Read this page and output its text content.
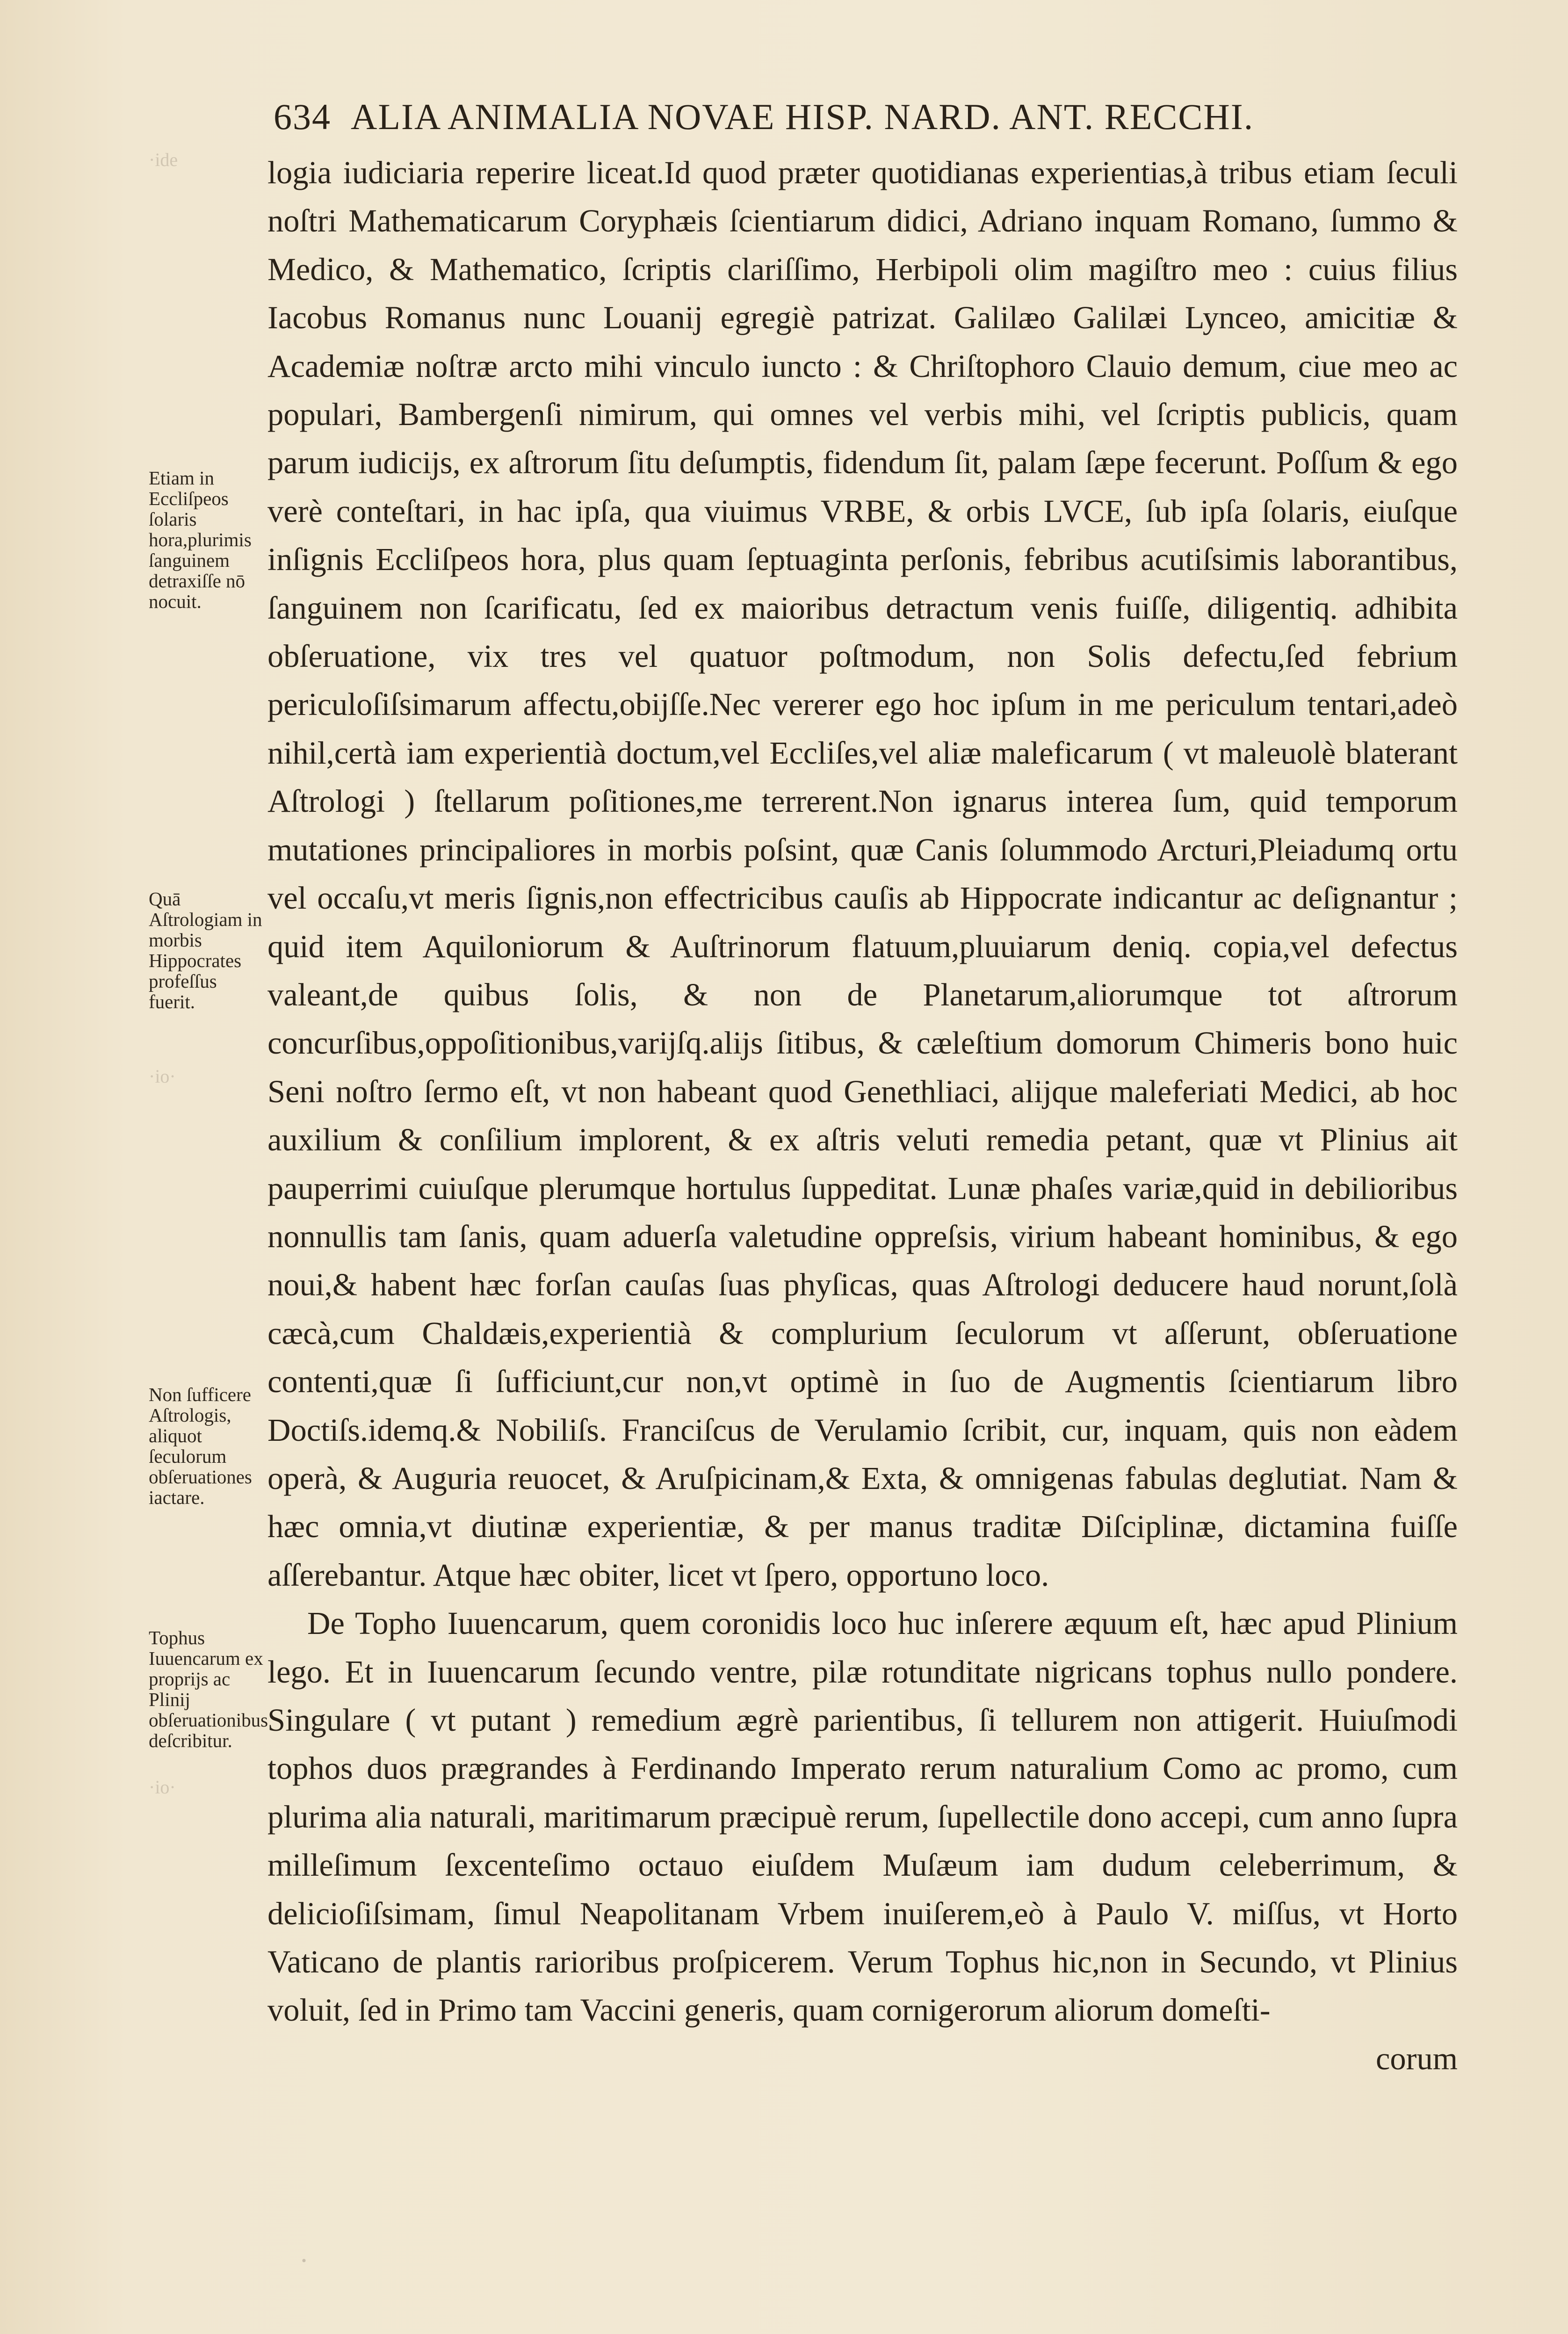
634 ALIA ANIMALIA NOVAE HISP. NARD. ANT. RECCHI.
·ide
·io·
·io·
·
Etiam in Eccliſpeos ſolaris hora,plurimis ſanguinem detraxiſſe nō nocuit.
Quā Aſtrologiam in morbis Hippocrates profeſſus fuerit.
Non ſufficere Aſtrologis, aliquot ſeculorum obſeruationes iactare.
Tophus Iuuencarum ex proprijs ac Plinij obſeruationibus deſcribitur.

logia iudiciaria reperire liceat.Id quod præter quotidianas experientias,à tribus etiam ſeculi noſtri Mathematicarum Coryphæis ſcientiarum didici, Adriano inquam Romano, ſummo & Medico, & Mathematico, ſcriptis clariſſimo, Herbipoli olim magiſtro meo : cuius filius Iacobus Romanus nunc Louanij egregiè patrizat. Galilæo Galilæi Lynceo, amicitiæ & Academiæ noſtræ arcto mihi vinculo iuncto : & Chriſtophoro Clauio demum, ciue meo ac populari, Bambergenſi nimirum, qui omnes vel verbis mihi, vel ſcriptis publicis, quam parum iudicijs, ex aſtrorum ſitu deſumptis, fidendum ſit, palam ſæpe fecerunt. Poſſum & ego verè conteſtari, in hac ipſa, qua viuimus VRBE, & orbis LVCE, ſub ipſa ſolaris, eiuſque inſignis Eccliſpeos hora, plus quam ſeptuaginta perſonis, febribus acutiſsimis laborantibus, ſanguinem non ſcarificatu, ſed ex maioribus detractum venis fuiſſe, diligentiq. adhibita obſeruatione, vix tres vel quatuor poſtmodum, non Solis defectu,ſed febrium periculoſiſsimarum affectu,obijſſe.Nec vererer ego hoc ipſum in me periculum tentari,adeò nihil,certà iam experientià doctum,vel Eccliſes,vel aliæ maleficarum ( vt maleuolè blaterant Aſtrologi ) ſtellarum poſitiones,me terrerent.Non ignarus interea ſum, quid temporum mutationes principaliores in morbis poſsint, quæ Canis ſolummodo Arcturi,Pleiadumq ortu vel occaſu,vt meris ſignis,non effectricibus cauſis ab Hippocrate indicantur ac deſignantur ; quid item Aquiloniorum & Auſtrinorum flatuum,pluuiarum deniq. copia,vel defectus valeant,de quibus ſolis, & non de Planetarum,aliorumque tot aſtrorum concurſibus,oppoſitionibus,varijſq.alijs ſitibus, & cæleſtium domorum Chimeris bono huic Seni noſtro ſermo eſt, vt non habeant quod Genethliaci, alijque maleferiati Medici, ab hoc auxilium & conſilium implorent, & ex aſtris veluti remedia petant, quæ vt Plinius ait pauperrimi cuiuſque plerumque hortulus ſuppeditat. Lunæ phaſes variæ,quid in debilioribus nonnullis tam ſanis, quam aduerſa valetudine oppreſsis, virium habeant hominibus, & ego noui,& habent hæc forſan cauſas ſuas phyſicas, quas Aſtrologi deducere haud norunt,ſolà cæcà,cum Chaldæis,experientià & complurium ſeculorum vt aſſerunt, obſeruatione contenti,quæ ſi ſufficiunt,cur non,vt optimè in ſuo de Augmentis ſcientiarum libro Doctiſs.idemq.& Nobiliſs. Franciſcus de Verulamio ſcribit, cur, inquam, quis non eàdem operà, & Auguria reuocet, & Aruſpicinam,& Exta, & omnigenas fabulas deglutiat. Nam & hæc omnia,vt diutinæ experientiæ, & per manus traditæ Diſciplinæ, dictamina fuiſſe aſſerebantur. Atque hæc obiter, licet vt ſpero, opportuno loco.

De Topho Iuuencarum, quem coronidis loco huc inſerere æquum eſt, hæc apud Plinium lego. Et in Iuuencarum ſecundo ventre, pilæ rotunditate nigricans tophus nullo pondere. Singulare ( vt putant ) remedium ægrè parientibus, ſi tellurem non attigerit. Huiuſmodi tophos duos prægrandes à Ferdinando Imperato rerum naturalium Como ac promo, cum plurima alia naturali, maritimarum præcipuè rerum, ſupellectile dono accepi, cum anno ſupra milleſimum ſexcenteſimo octauo eiuſdem Muſæum iam dudum celeberrimum, & delicioſiſsimam, ſimul Neapolitanam Vrbem inuiſerem,eò à Paulo V. miſſus, vt Horto Vaticano de plantis rarioribus proſpicerem. Verum Tophus hic,non in Secundo, vt Plinius voluit, ſed in Primo tam Vaccini generis, quam cornigerorum aliorum domeſti-

corum
